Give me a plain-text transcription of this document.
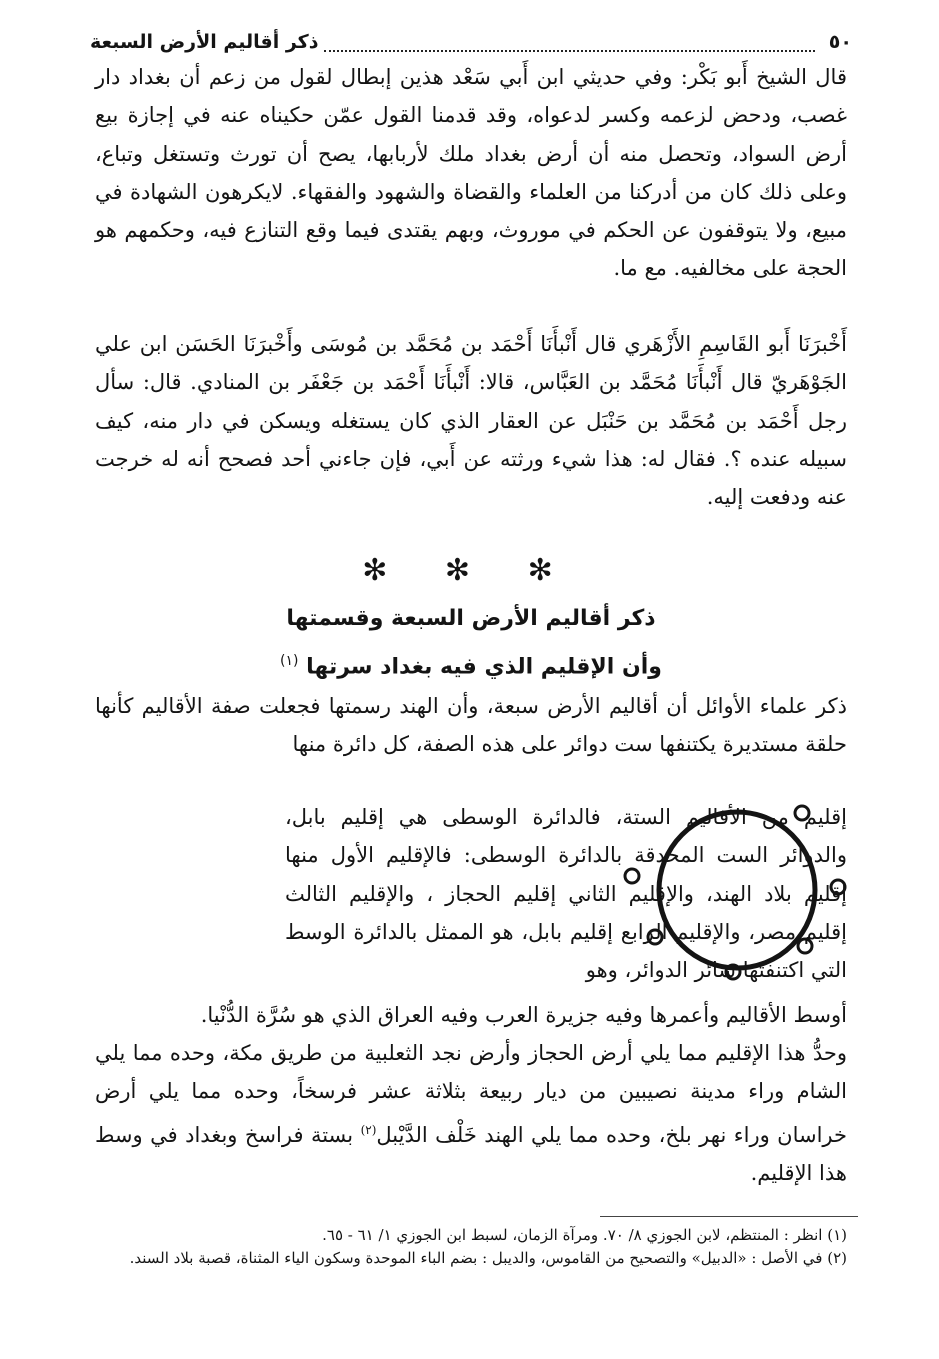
٥٠
ذكر أقاليم الأرض السبعة

قال الشيخ أَبو بَكْر: وفي حديثي ابن أَبي سَعْد هذين إبطال لقول من زعم أن بغداد دار غصب، ودحض لزعمه وكسر لدعواه، وقد قدمنا القول عمّن حكيناه عنه في إجازة بيع أرض السواد، وتحصل منه أن أرض بغداد ملك لأربابها، يصح أن تورث وتستغل وتباع، وعلى ذلك كان من أدركنا من العلماء والقضاة والشهود والفقهاء. لايكرهون الشهادة في مبيع، ولا يتوقفون عن الحكم في موروث، وبهم يقتدى فيما وقع التنازع فيه، وحكمهم هو الحجة على مخالفيه. مع ما.

أَخْبرَنَا أَبو القَاسِمِ الأَزْهَري قال أَنْبأَنَا أَحْمَد بن مُحَمَّد بن مُوسَى وأَخْبرَنَا الحَسَن ابن علي الجَوْهَريّ قال أَنْبأَنَا مُحَمَّد بن العَبَّاس، قالا: أَنْبأَنَا أَحْمَد بن جَعْفَر بن المنادي. قال: سأل رجل أَحْمَد بن مُحَمَّد بن حَنْبَل عن العقار الذي كان يستغله ويسكن في دار منه، كيف سبيله عنده ؟. فقال له: هذا شيء ورثته عن أَبي، فإن جاءني أحد فصحح أنه له خرجت عنه ودفعت إليه.

✻ ✻ ✻
ذكر أقاليم الأرض السبعة وقسمتها
وأن الإقليم الذي فيه بغداد سرتها $^{(١)}$

ذكر علماء الأوائل أن أقاليم الأرض سبعة، وأن الهند رسمتها فجعلت صفة الأقاليم كأنها حلقة مستديرة يكتنفها ست دوائر على هذه الصفة، كل دائرة منها

إقليم من الأقاليم الستة، فالدائرة الوسطى هي إقليم بابل، والدوائر الست المحدقة بالدائرة الوسطى: فالإقليم الأول منها إقليم بلاد الهند، والإقليم الثاني إقليم الحجاز ، والإقليم الثالث إقليم مصر، والإقليم الرابع إقليم بابل، هو الممثل بالدائرة الوسط التي اكتنفتها سائر الدوائر، وهو

أوسط الأقاليم وأعمرها وفيه جزيرة العرب وفيه العراق الذي هو سُرَّة الدُّنْيا.

وحدُّ هذا الإقليم مما يلي أرض الحجاز وأرض نجد الثعلبية من طريق مكة، وحده مما يلي الشام وراء مدينة نصيبين من ديار ربيعة بثلاثة عشر فرسخاً، وحده مما يلي أرض خراسان وراء نهر بلخ، وحده مما يلي الهند خَلْف الدَّيْبل$^{(٢)}$ بستة فراسخ وبغداد في وسط هذا الإقليم.

(١) انظر : المنتظم، لابن الجوزي ٨/ ٧٠. ومرآة الزمان، لسبط ابن الجوزي ١/ ٦١ - ٦٥.
(٢) في الأصل : «الدبيل» والتصحيح من القاموس، والديبل : بضم الباء الموحدة وسكون الياء المثناة، قصبة بلاد السند.
